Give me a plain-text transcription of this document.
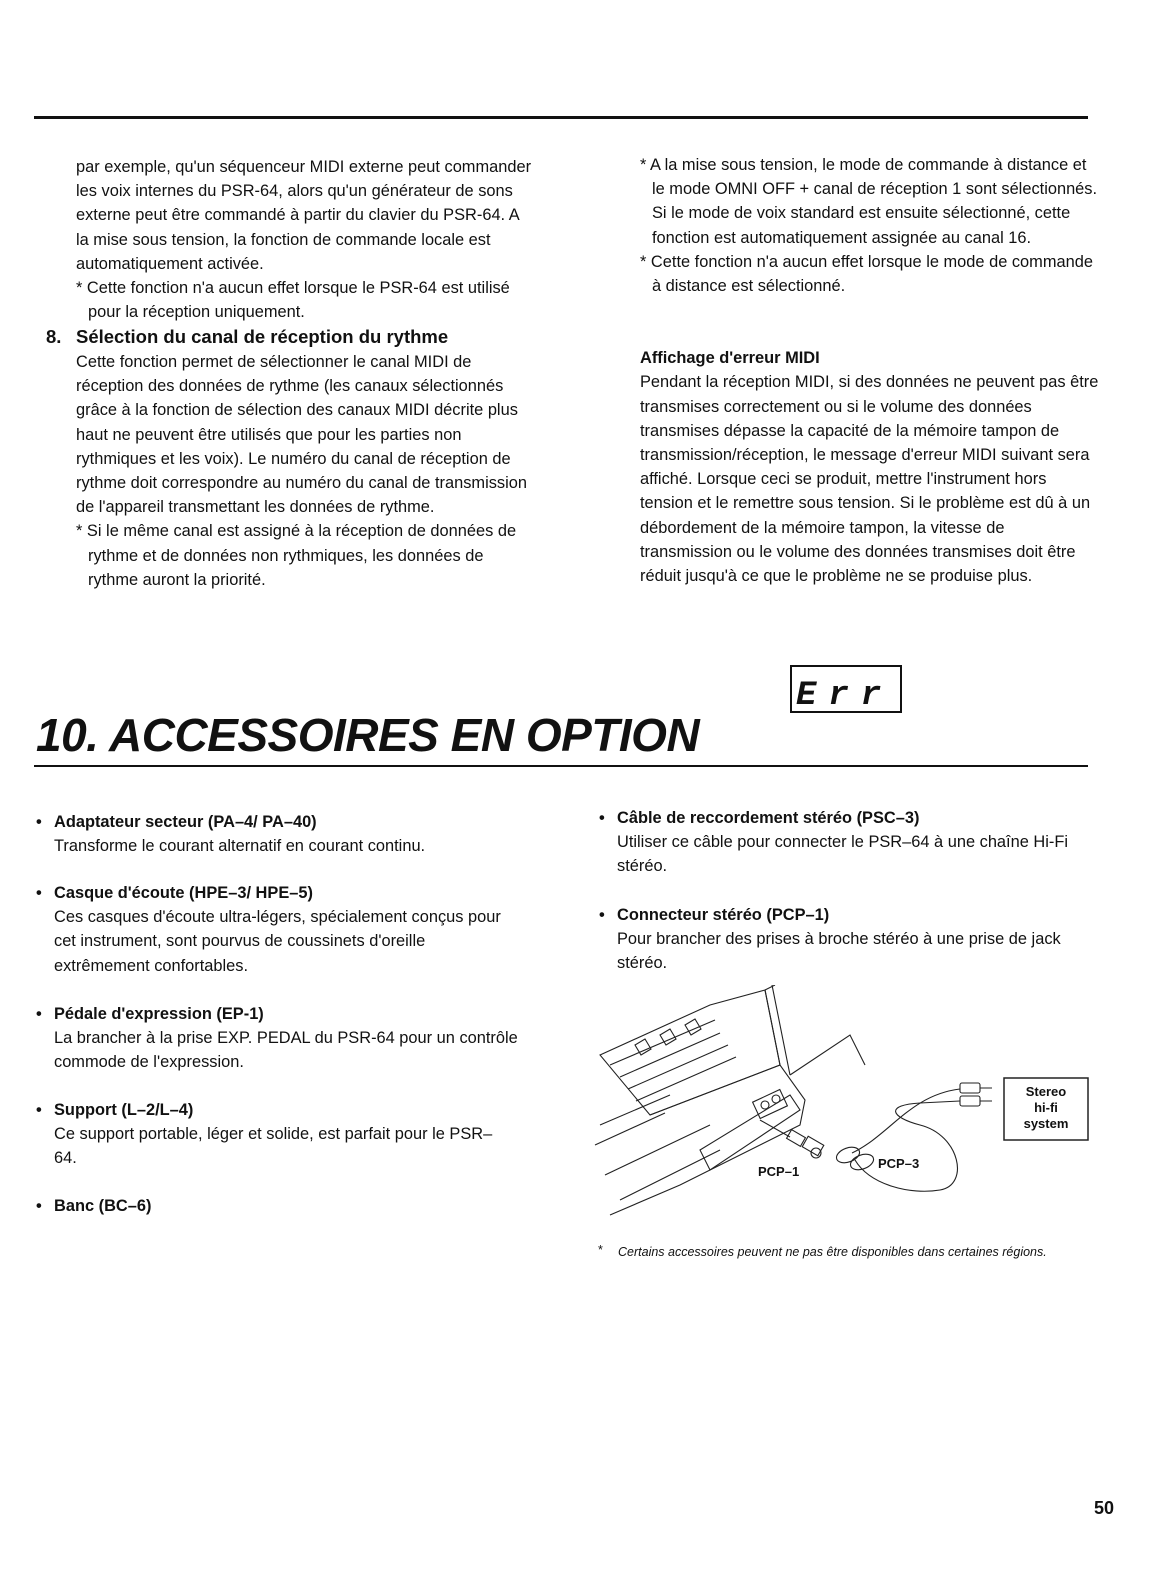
par exemple, qu'un séquenceur MIDI externe peut commander les voix internes du PSR-64, alors qu'un générateur de sons externe peut être commandé à partir du clavier du PSR-64. A la mise sous tension, la fonction de commande locale est automatiquement activée.

* Cette fonction n'a aucun effet lorsque le PSR-64 est utilisé pour la réception uniquement.

8. Sélection du canal de réception du rythme

Cette fonction permet de sélectionner le canal MIDI de réception des données de rythme (les canaux sélectionnés grâce à la fonction de sélection des canaux MIDI décrite plus haut ne peuvent être utilisés que pour les parties non rythmiques et les voix). Le numéro du canal de réception de rythme doit correspondre au numéro du canal de transmission de l'appareil transmettant les données de rythme.

* Si le même canal est assigné à la réception de données de rythme et de données non rythmiques, les données de rythme auront la priorité.

* A la mise sous tension, le mode de commande à distance et le mode OMNI OFF + canal de réception 1 sont sélectionnés. Si le mode de voix standard est ensuite sélectionné, cette fonction est automatiquement assignée au canal 16.

* Cette fonction n'a aucun effet lorsque le mode de commande à distance est sélectionné.

Affichage d'erreur MIDI

Pendant la réception MIDI, si des données ne peuvent pas être transmises correctement ou si le volume des données transmises dépasse la capacité de la mémoire tampon de transmission/réception, le message d'erreur MIDI suivant sera affiché. Lorsque ceci se produit, mettre l'instrument hors tension et le remettre sous tension. Si le problème est dû à un débordement de la mémoire tampon, la vitesse de transmission ou le volume des données transmises doit être réduit jusqu'à ce que le problème ne se produise plus.

Err
10. ACCESSOIRES EN OPTION
• Adaptateur secteur (PA–4/ PA–40)

Transforme le courant alternatif en courant continu.

• Casque d'écoute (HPE–3/ HPE–5)

Ces casques d'écoute ultra-légers, spécialement conçus pour cet instrument, sont pourvus de coussinets d'oreille extrêmement confortables.

• Pédale d'expression (EP-1)

La brancher à la prise EXP. PEDAL du PSR-64 pour un contrôle commode de l'expression.

• Support (L–2/L–4)

Ce support portable, léger et solide, est parfait pour le PSR–64.

• Banc (BC–6)

• Câble de reccordement stéréo (PSC–3)

Utiliser ce câble pour connecter le PSR–64 à une chaîne Hi-Fi stéréo.

• Connecteur stéréo (PCP–1)

Pour brancher des prises à broche stéréo à une prise de jack stéréo.

Stereo
hi-fi
system
PCP–1
PCP–3
*	Certains accessoires peuvent ne pas être disponibles dans certaines régions.
50
